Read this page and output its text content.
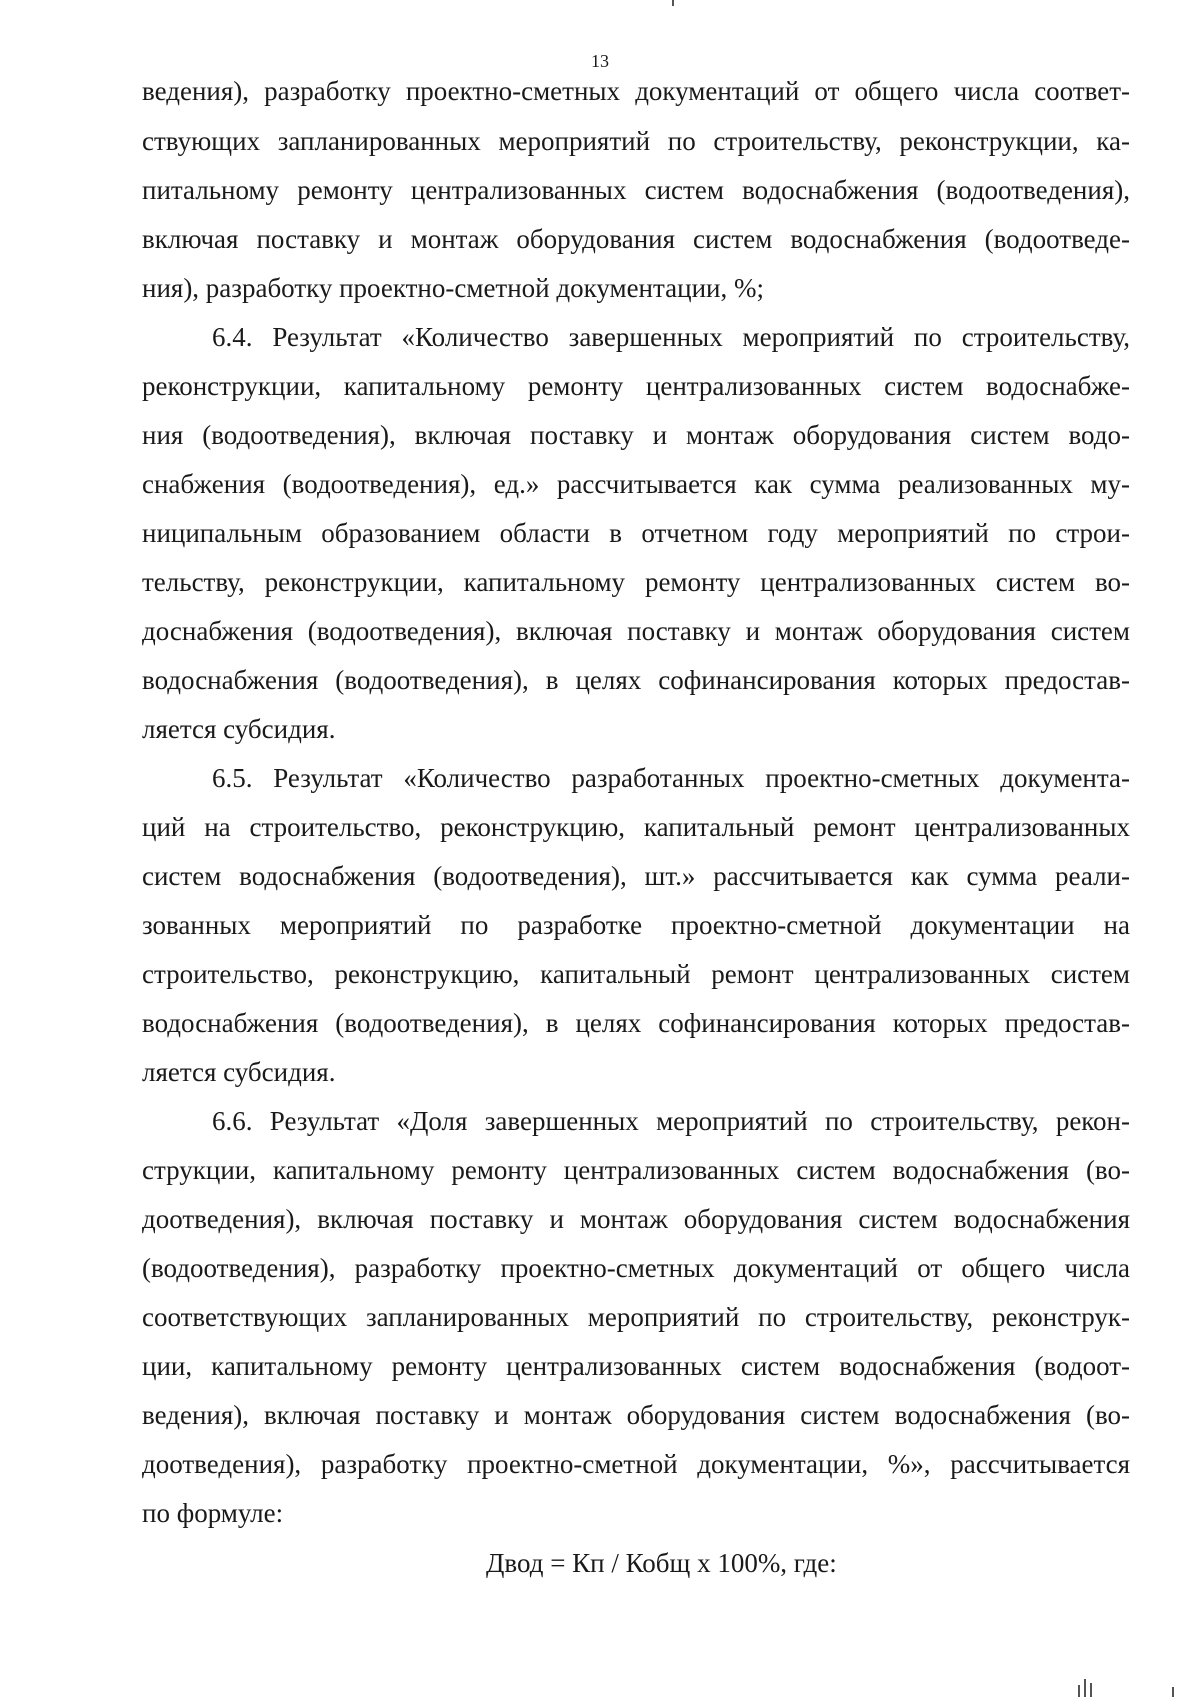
13
ведения), разработку проектно-сметных документаций от общего числа соответ-
ствующих запланированных мероприятий по строительству, реконструкции, ка-
питальному ремонту централизованных систем водоснабжения (водоотведения),
включая поставку и монтаж оборудования систем водоснабжения (водоотведе-
ния), разработку проектно-сметной документации, %;
6.4. Результат «Количество завершенных мероприятий по строительству,
реконструкции, капитальному ремонту централизованных систем водоснабже-
ния (водоотведения), включая поставку и монтаж оборудования систем водо-
снабжения (водоотведения), ед.» рассчитывается как сумма реализованных му-
ниципальным образованием области в отчетном году мероприятий по строи-
тельству, реконструкции, капитальному ремонту централизованных систем во-
доснабжения (водоотведения), включая поставку и монтаж оборудования систем
водоснабжения (водоотведения), в целях софинансирования которых предостав-
ляется субсидия.
6.5. Результат «Количество разработанных проектно-сметных документа-
ций на строительство, реконструкцию, капитальный ремонт централизованных
систем водоснабжения (водоотведения), шт.» рассчитывается как сумма реали-
зованных мероприятий по разработке проектно-сметной документации на
строительство, реконструкцию, капитальный ремонт централизованных систем
водоснабжения (водоотведения), в целях софинансирования которых предостав-
ляется субсидия.
6.6. Результат «Доля завершенных мероприятий по строительству, рекон-
струкции, капитальному ремонту централизованных систем водоснабжения (во-
доотведения), включая поставку и монтаж оборудования систем водоснабжения
(водоотведения), разработку проектно-сметных документаций от общего числа
соответствующих запланированных мероприятий по строительству, реконструк-
ции, капитальному ремонту централизованных систем водоснабжения (водоот-
ведения), включая поставку и монтаж оборудования систем водоснабжения (во-
доотведения), разработку проектно-сметной документации, %», рассчитывается
по формуле:
Двод = Кп / Кобщ х 100%, где:
